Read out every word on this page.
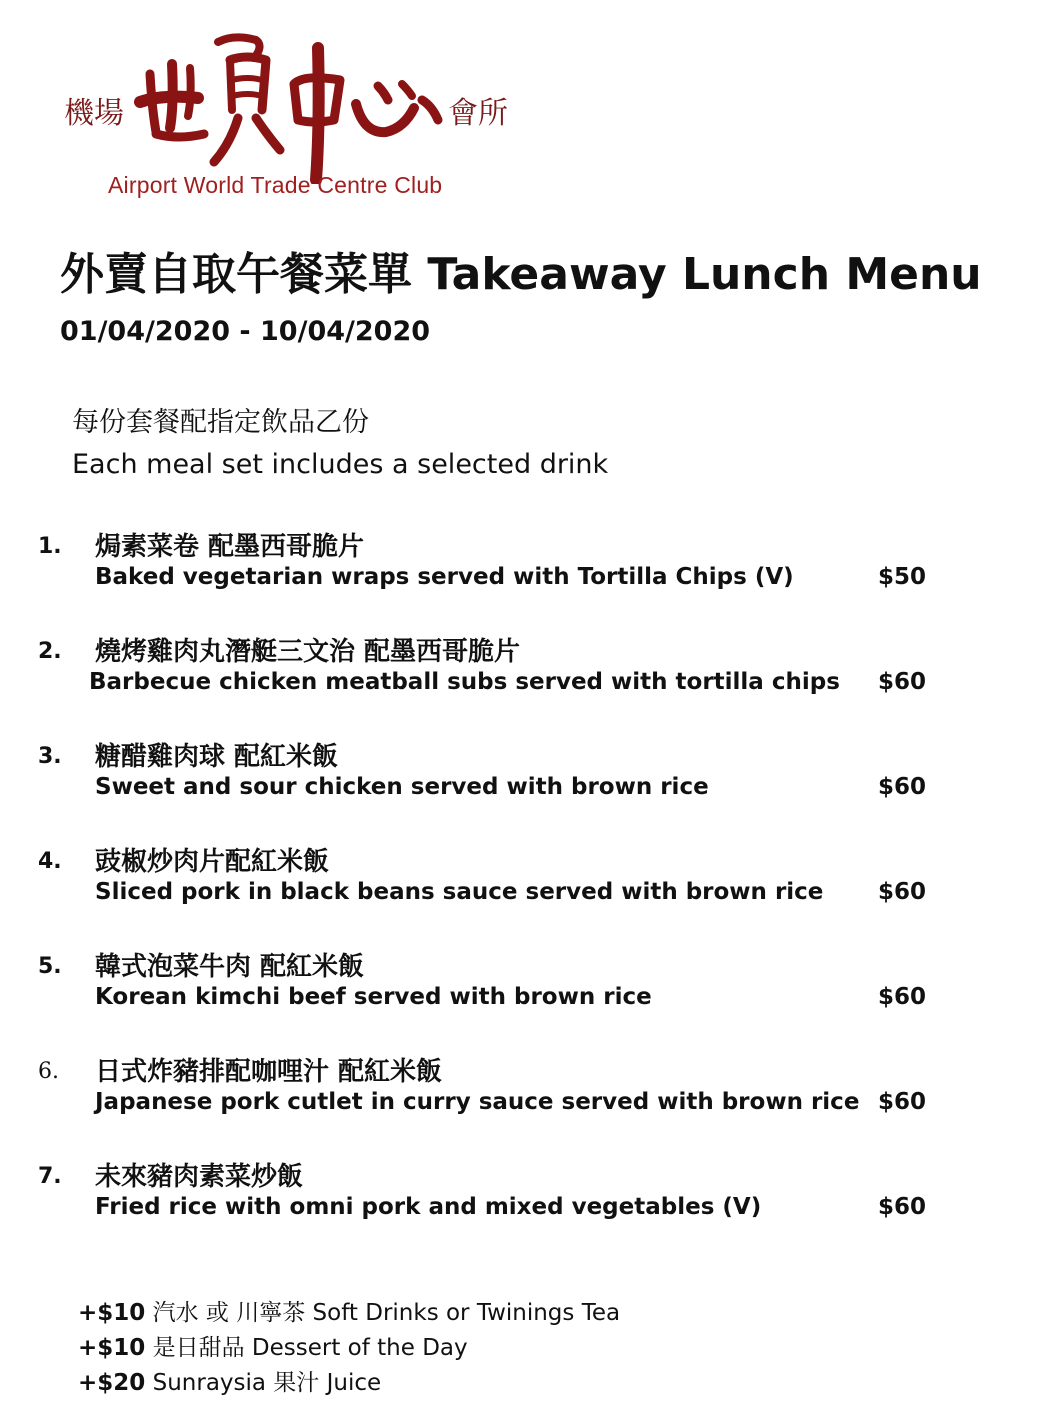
機場	會所
Airport World Trade Centre Club
外賣自取午餐菜單 Takeaway Lunch Menu
01/04/2020 - 10/04/2020
每份套餐配指定飲品乙份
Each meal set includes a selected drink
1. 焗素菜卷 配墨西哥脆片
Baked vegetarian wraps served with Tortilla Chips (V)	$50
2. 燒烤雞肉丸潛艇三文治 配墨西哥脆片
Barbecue chicken meatball subs served with tortilla chips $60
3. 糖醋雞肉球 配紅米飯
Sweet and sour chicken served with brown rice	$60
4. 豉椒炒肉片配紅米飯
Sliced pork in black beans sauce served with brown rice $60
5. 韓式泡菜牛肉 配紅米飯
Korean kimchi beef served with brown rice	$60
6. 日式炸豬排配咖哩汁 配紅米飯
Japanese pork cutlet in curry sauce served with brown rice $60
7. 未來豬肉素菜炒飯
Fried rice with omni pork and mixed vegetables (V)	$60
+$10 汽水 或 川寧茶 Soft Drinks or Twinings Tea
+$10 是日甜品 Dessert of the Day
+$20 Sunraysia 果汁 Juice
